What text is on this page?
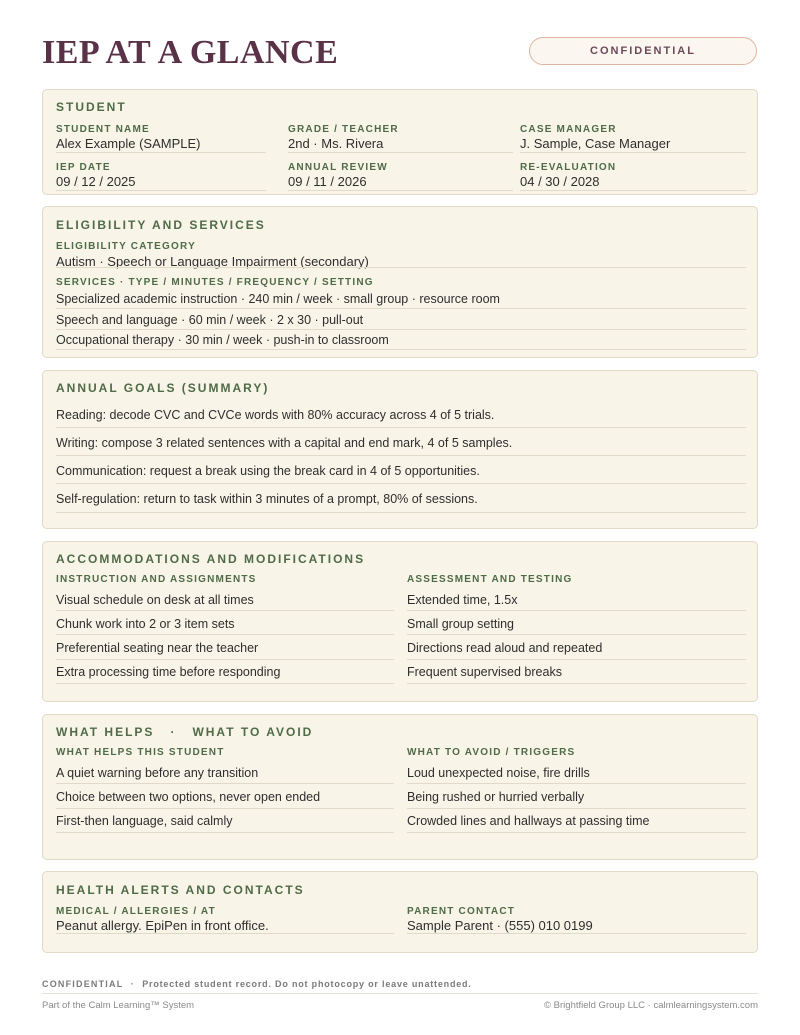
IEP AT A GLANCE	CONFIDENTIAL
STUDENT
STUDENT NAME
Alex Example (SAMPLE)
GRADE / TEACHER
2nd · Ms. Rivera
CASE MANAGER
J. Sample, Case Manager
IEP DATE
09 / 12 / 2025
ANNUAL REVIEW
09 / 11 / 2026
RE-EVALUATION
04 / 30 / 2028
ELIGIBILITY AND SERVICES
ELIGIBILITY CATEGORY
Autism · Speech or Language Impairment (secondary)
SERVICES · TYPE / MINUTES / FREQUENCY / SETTING
Specialized academic instruction · 240 min / week · small group · resource room
Speech and language · 60 min / week · 2 x 30 · pull-out
Occupational therapy · 30 min / week · push-in to classroom
ANNUAL GOALS (SUMMARY)
Reading: decode CVC and CVCe words with 80% accuracy across 4 of 5 trials.
Writing: compose 3 related sentences with a capital and end mark, 4 of 5 samples.
Communication: request a break using the break card in 4 of 5 opportunities.
Self-regulation: return to task within 3 minutes of a prompt, 80% of sessions.
ACCOMMODATIONS AND MODIFICATIONS
INSTRUCTION AND ASSIGNMENTS
Visual schedule on desk at all times
Chunk work into 2 or 3 item sets
Preferential seating near the teacher
Extra processing time before responding
ASSESSMENT AND TESTING
Extended time, 1.5x
Small group setting
Directions read aloud and repeated
Frequent supervised breaks
WHAT HELPS   ·   WHAT TO AVOID
WHAT HELPS THIS STUDENT
A quiet warning before any transition
Choice between two options, never open ended
First-then language, said calmly
WHAT TO AVOID / TRIGGERS
Loud unexpected noise, fire drills
Being rushed or hurried verbally
Crowded lines and hallways at passing time
HEALTH ALERTS AND CONTACTS
MEDICAL / ALLERGIES / AT
Peanut allergy. EpiPen in front office.
PARENT CONTACT
Sample Parent · (555) 010 0199
CONFIDENTIAL  ·  Protected student record. Do not photocopy or leave unattended.
Part of the Calm Learning™ System	© Brightfield Group LLC · calmlearningsystem.com
